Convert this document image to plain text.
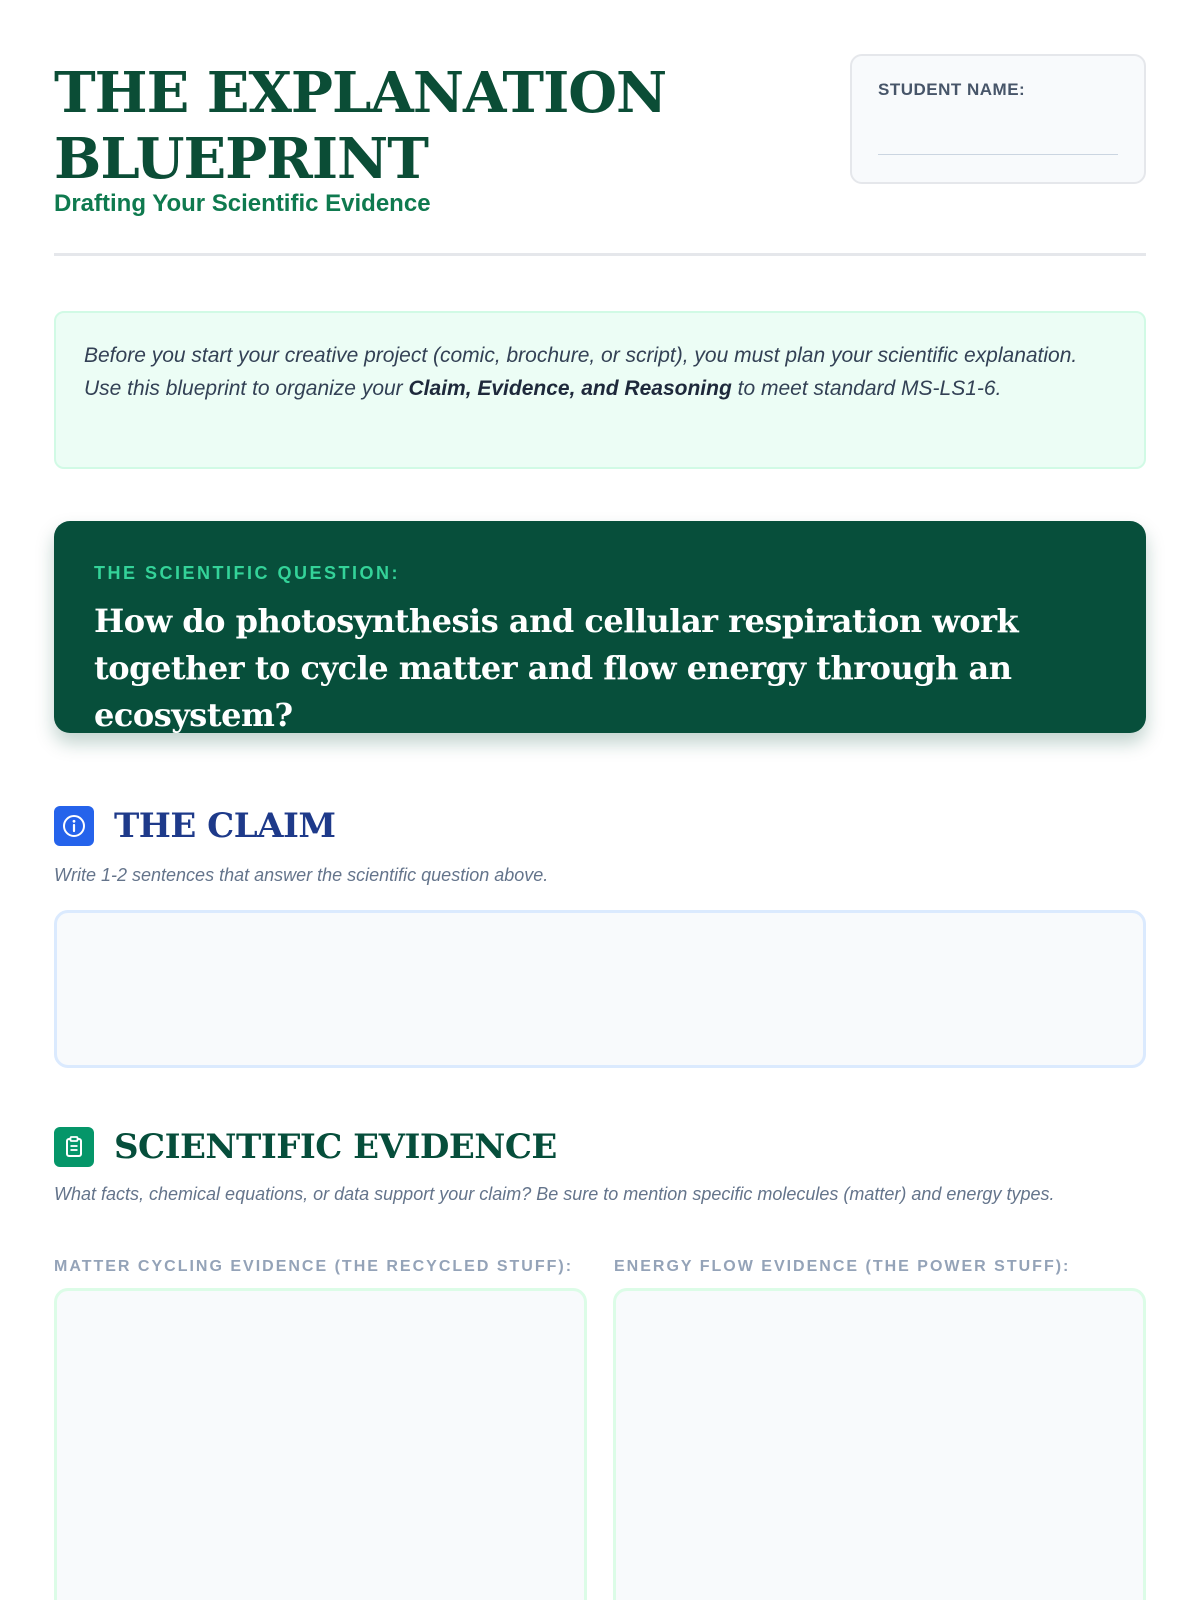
THE EXPLANATION
BLUEPRINT
Drafting Your Scientific Evidence
STUDENT NAME:
Before you start your creative project (comic, brochure, or script), you must plan your scientific explanation. Use this blueprint to organize your Claim, Evidence, and Reasoning to meet standard MS-LS1-6.
THE SCIENTIFIC QUESTION:
How do photosynthesis and cellular respiration work together to cycle matter and flow energy through an ecosystem?
THE CLAIM
Write 1-2 sentences that answer the scientific question above.
SCIENTIFIC EVIDENCE
What facts, chemical equations, or data support your claim? Be sure to mention specific molecules (matter) and energy types.
MATTER CYCLING EVIDENCE (THE RECYCLED STUFF):	ENERGY FLOW EVIDENCE (THE POWER STUFF):
